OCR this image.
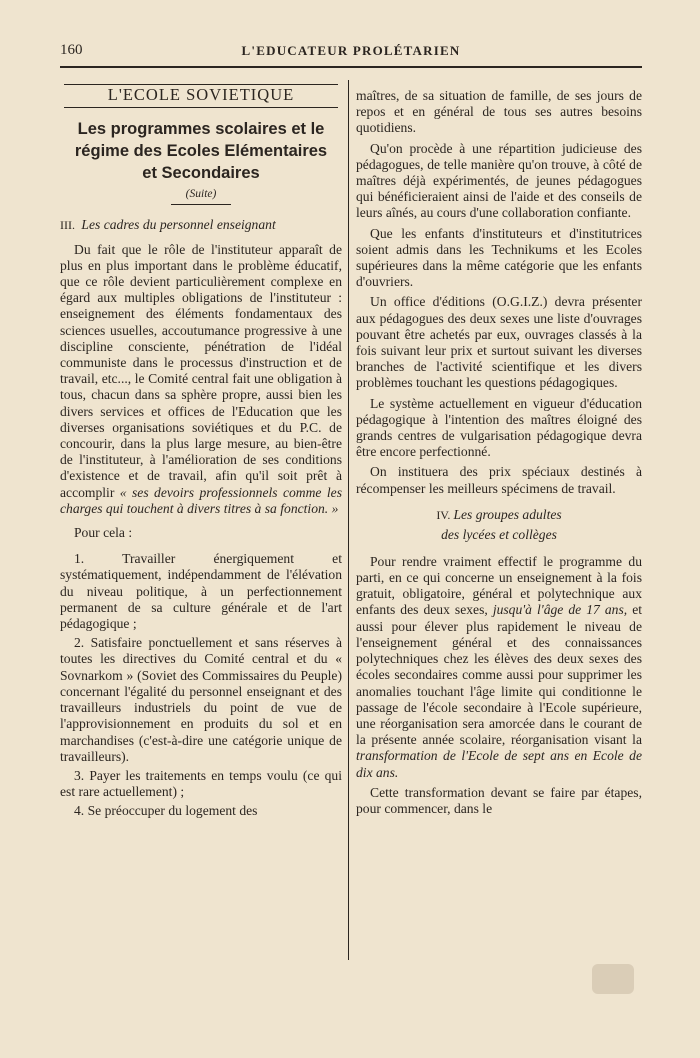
160	L'EDUCATEUR PROLÉTARIEN
L'ECOLE SOVIETIQUE
Les programmes scolaires et le
régime des Ecoles Elémentaires
et Secondaires
(Suite)
III. Les cadres du personnel enseignant

Du fait que le rôle de l'instituteur apparaît de plus en plus important dans le problème éducatif, que ce rôle devient particulièrement complexe en égard aux multiples obligations de l'instituteur : enseignement des éléments fondamentaux des sciences usuelles, accoutumance progressive à une discipline consciente, pénétration de l'idéal communiste dans le processus d'instruction et de travail, etc..., le Comité central fait une obligation à tous, chacun dans sa sphère propre, aussi bien les divers services et offices de l'Education que les diverses organisations soviétiques et du P.C. de concourir, dans la plus large mesure, au bien-être de l'instituteur, à l'amélioration de ses conditions d'existence et de travail, afin qu'il soit prêt à accomplir « ses devoirs professionnels comme les charges qui touchent à divers titres à sa fonction. »

Pour cela :

1. Travailler énergiquement et systématiquement, indépendamment de l'élévation du niveau politique, à un perfectionnement permanent de sa culture générale et de l'art pédagogique ;

2. Satisfaire ponctuellement et sans réserves à toutes les directives du Comité central et du « Sovnarkom » (Soviet des Commissaires du Peuple) concernant l'égalité du personnel enseignant et des travailleurs industriels du point de vue de l'approvisionnement en produits du sol et en marchandises (c'est-à-dire une catégorie unique de travailleurs).

3. Payer les traitements en temps voulu (ce qui est rare actuellement) ;

4. Se préoccuper du logement des

maîtres, de sa situation de famille, de ses jours de repos et en général de tous ses autres besoins quotidiens.

Qu'on procède à une répartition judicieuse des pédagogues, de telle manière qu'on trouve, à côté de maîtres déjà expérimentés, de jeunes pédagogues qui bénéficieraient ainsi de l'aide et des conseils de leurs aînés, au cours d'une collaboration confiante.

Que les enfants d'instituteurs et d'institutrices soient admis dans les Technikums et les Ecoles supérieures dans la même catégorie que les enfants d'ouvriers.

Un office d'éditions (O.G.I.Z.) devra présenter aux pédagogues des deux sexes une liste d'ouvrages pouvant être achetés par eux, ouvrages classés à la fois suivant leur prix et surtout suivant les diverses branches de l'activité scientifique et les divers problèmes touchant les questions pédagogiques.

Le système actuellement en vigueur d'éducation pédagogique à l'intention des maîtres éloigné des grands centres de vulgarisation pédagogique devra être encore perfectionné.

On instituera des prix spéciaux destinés à récompenser les meilleurs spécimens de travail.

IV. Les groupes adultes
des lycées et collèges

Pour rendre vraiment effectif le programme du parti, en ce qui concerne un enseignement à la fois gratuit, obligatoire, général et polytechnique aux enfants des deux sexes, jusqu'à l'âge de 17 ans, et aussi pour élever plus rapidement le niveau de l'enseignement général et des connaissances polytechniques chez les élèves des deux sexes des écoles secondaires comme aussi pour supprimer les anomalies touchant l'âge limite qui conditionne le passage de l'école secondaire à l'Ecole supérieure, une réorganisation sera amorcée dans le courant de la présente année scolaire, réorganisation visant la transformation de l'Ecole de sept ans en Ecole de dix ans.

Cette transformation devant se faire par étapes, pour commencer, dans le
